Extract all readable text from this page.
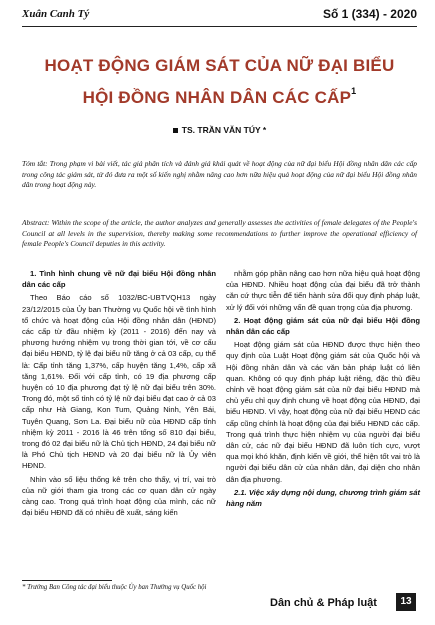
Xuân Canh Tý	Số 1 (334) - 2020
HOẠT ĐỘNG GIÁM SÁT CỦA NỮ ĐẠI BIỂU
HỘI ĐỒNG NHÂN DÂN CÁC CẤP$^1$
TS. TRẦN VĂN TÚY *

Tóm tắt: Trong phạm vi bài viết, tác giả phân tích và đánh giá khái quát về hoạt động của nữ đại biểu Hội đồng nhân dân các cấp trong công tác giám sát, từ đó đưa ra một số kiến nghị nhằm nâng cao hơn nữa hiệu quả hoạt động của nữ đại biểu Hội đồng nhân dân trong hoạt động này.

Abstract: Within the scope of the article, the author analyzes and generally assesses the activities of female delegates of the People's Council at all levels in the supervision, thereby making some recommendations to further improve the operational efficiency of female People's Council deputies in this activity.

1. Tình hình chung về nữ đại biểu Hội đồng nhân dân các cấp

Theo Báo cáo số 1032/BC-UBTVQH13 ngày 23/12/2015 của Ủy ban Thường vụ Quốc hội về tình hình tổ chức và hoạt động của Hội đồng nhân dân (HĐND) các cấp từ đầu nhiệm kỳ (2011 - 2016) đến nay và phương hướng nhiệm vụ trong thời gian tới, về cơ cấu đại biểu HĐND, tỷ lệ đại biểu nữ tăng ở cả 03 cấp, cụ thể là: Cấp tỉnh tăng 1,37%, cấp huyện tăng 1,4%, cấp xã tăng 1,61%. Đối với cấp tỉnh, có 19 địa phương cấp huyện có 10 địa phương đạt tỷ lệ nữ đại biểu trên 30%. Trong đó, một số tỉnh có tỷ lệ nữ đại biểu đạt cao ở cả 03 cấp như Hà Giang, Kon Tum, Quảng Ninh, Yên Bái, Tuyên Quang, Sơn La. Đại biểu nữ của HĐND cấp tỉnh nhiệm kỳ 2011 - 2016 là 46 trên tổng số 810 đại biểu, trong đó 02 đại biểu nữ là Chủ tịch HĐND, 24 đại biểu nữ là Phó Chủ tịch HĐND và 20 đại biểu nữ là Ủy viên HĐND.

Nhìn vào số liệu thống kê trên cho thấy, vị trí, vai trò của nữ giới tham gia trong các cơ quan dân cử ngày càng cao. Trong quá trình hoạt động của mình, các nữ đại biểu HĐND đã có nhiều đề xuất, sáng kiến

nhằm góp phần nâng cao hơn nữa hiệu quả hoạt động của HĐND. Nhiều hoạt động của đại biểu đã trở thành căn cứ thực tiễn để tiến hành sửa đổi quy định pháp luật, xử lý đối với những vấn đề quan trọng của địa phương.

2. Hoạt động giám sát của nữ đại biểu Hội đồng nhân dân các cấp

Hoạt động giám sát của HĐND được thực hiện theo quy định của Luật Hoạt động giám sát của Quốc hội và Hội đồng nhân dân và các văn bản pháp luật có liên quan. Không có quy định pháp luật riêng, đặc thù điều chỉnh về hoạt động giám sát của nữ đại biểu HĐND mà chủ yếu chỉ quy định chung về hoạt động của HĐND, đại biểu HĐND. Vì vậy, hoạt động của nữ đại biểu HĐND các cấp cũng chính là hoạt động của đại biểu HĐND các cấp. Trong quá trình thực hiện nhiệm vụ của người đại biểu dân cử, các nữ đại biểu HĐND đã luôn tích cực, vượt qua mọi khó khăn, định kiến về giới, thể hiện tốt vai trò là người đại biểu dân cử của nhân dân, đại diện cho nhân dân địa phương.

2.1. Việc xây dựng nội dung, chương trình giám sát hàng năm
* Trưởng Ban Công tác đại biểu thuộc Ủy ban Thường vụ Quốc hội
Dân chủ & Pháp luật	13
